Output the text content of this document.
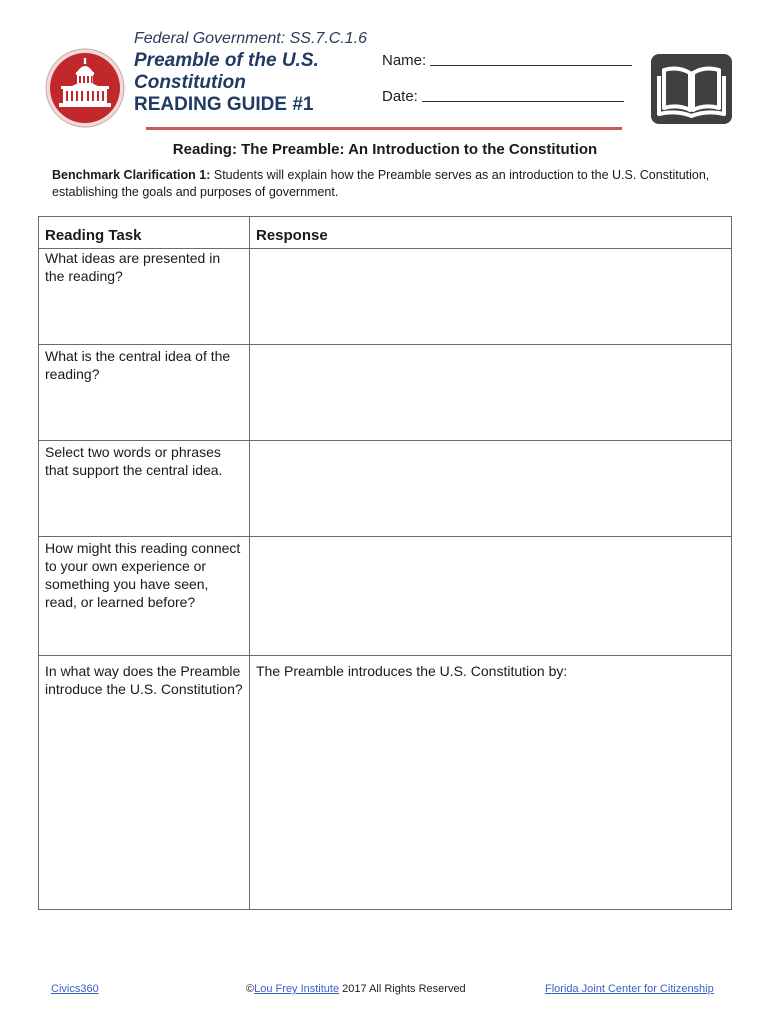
Federal Government: SS.7.C.1.6
Preamble of the U.S. Constitution
READING GUIDE #1
Name:
Date:
Reading: The Preamble: An Introduction to the Constitution
Benchmark Clarification 1: Students will explain how the Preamble serves as an introduction to the U.S. Constitution, establishing the goals and purposes of government.
Reading Task	Response
What ideas are presented in the reading?	
What is the central idea of the reading?	
Select two words or phrases that support the central idea.	
How might this reading connect to your own experience or something you have seen, read, or learned before?	
In what way does the Preamble introduce the U.S. Constitution?	The Preamble introduces the U.S. Constitution by:
Civics360	©Lou Frey Institute 2017 All Rights Reserved	Florida Joint Center for Citizenship
